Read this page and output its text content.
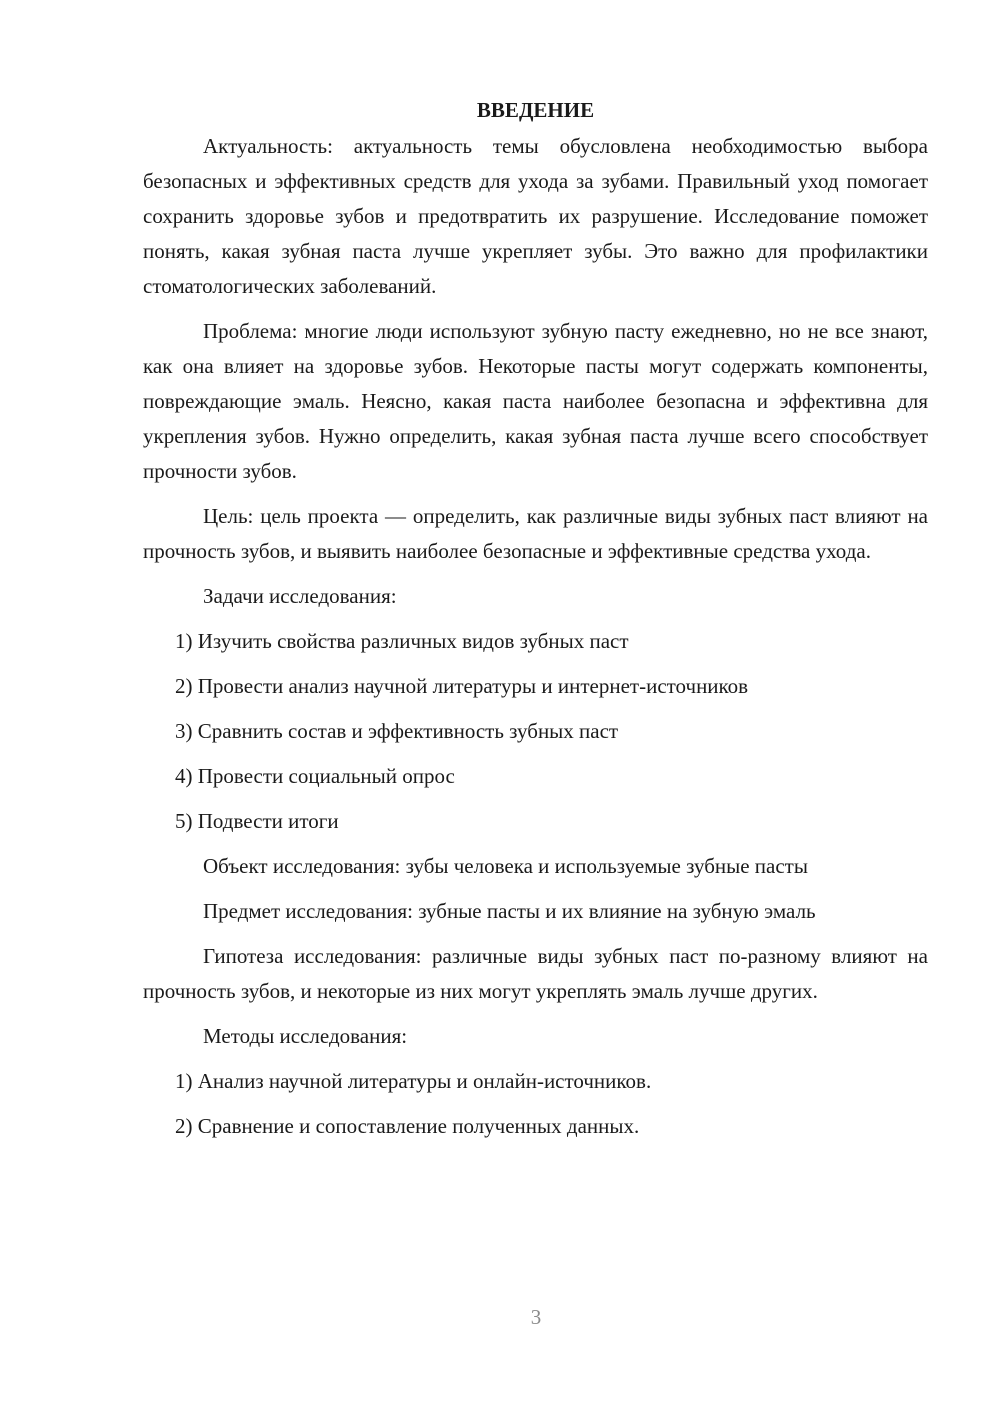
ВВЕДЕНИЕ

Актуальность: актуальность темы обусловлена необходимостью выбора безопасных и эффективных средств для ухода за зубами. Правильный уход помогает сохранить здоровье зубов и предотвратить их разрушение. Исследование поможет понять, какая зубная паста лучше укрепляет зубы. Это важно для профилактики стоматологических заболеваний.

Проблема: многие люди используют зубную пасту ежедневно, но не все знают, как она влияет на здоровье зубов. Некоторые пасты могут содержать компоненты, повреждающие эмаль. Неясно, какая паста наиболее безопасна и эффективна для укрепления зубов. Нужно определить, какая зубная паста лучше всего способствует прочности зубов.

Цель: цель проекта — определить, как различные виды зубных паст влияют на прочность зубов, и выявить наиболее безопасные и эффективные средства ухода.

Задачи исследования:

1) Изучить свойства различных видов зубных паст
2) Провести анализ научной литературы и интернет-источников
3) Сравнить состав и эффективность зубных паст
4) Провести социальный опрос
5) Подвести итоги

Объект исследования: зубы человека и используемые зубные пасты

Предмет исследования: зубные пасты и их влияние на зубную эмаль

Гипотеза исследования: различные виды зубных паст по-разному влияют на прочность зубов, и некоторые из них могут укреплять эмаль лучше других.

Методы исследования:

1) Анализ научной литературы и онлайн-источников.
2) Сравнение и сопоставление полученных данных.
3
